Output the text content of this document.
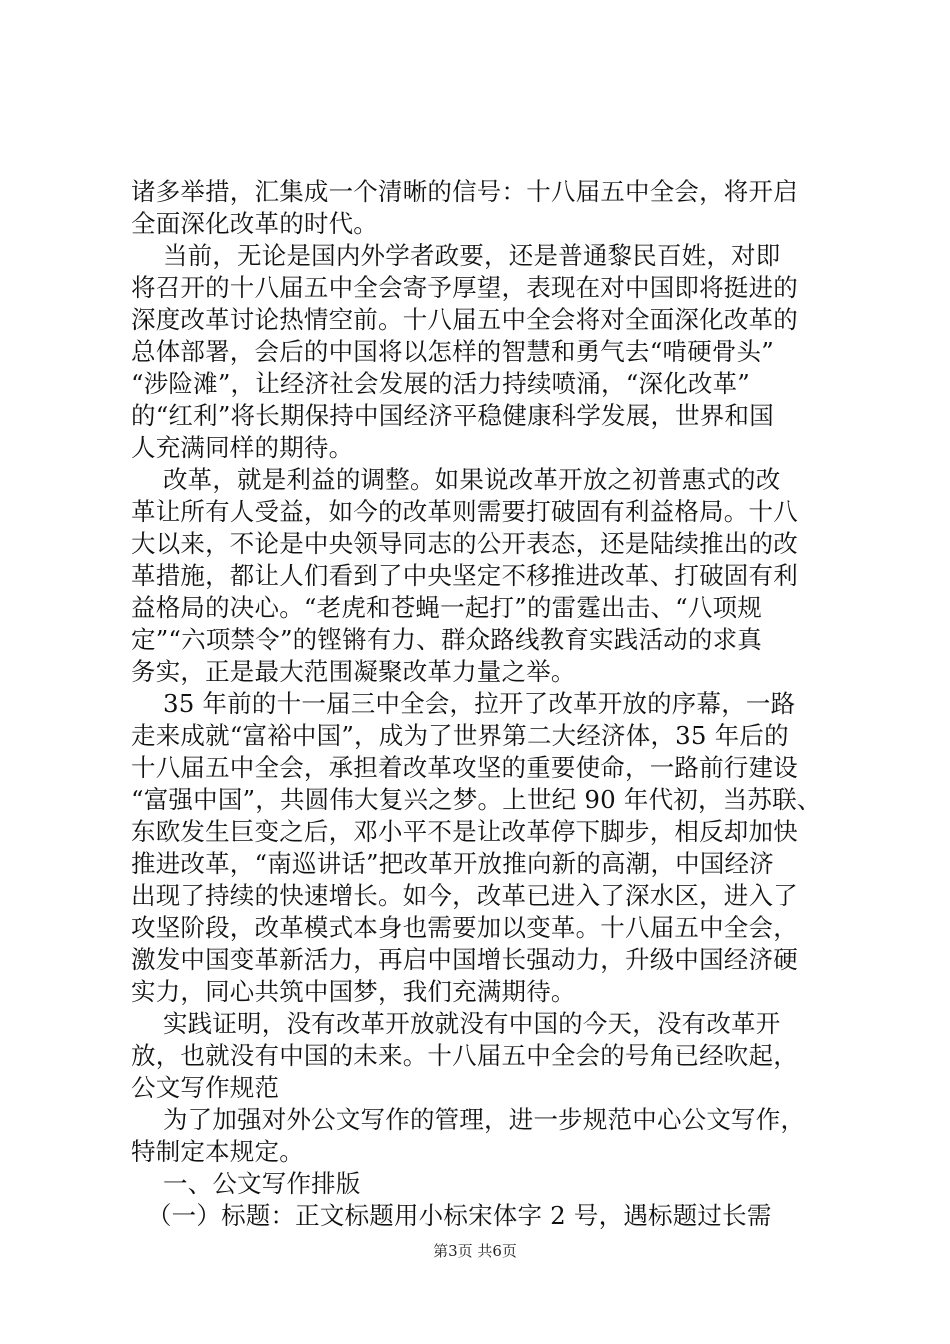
诸多举措，汇集成一个清晰的信号：十八届五中全会，将开启
全面深化改革的时代。
当前，无论是国内外学者政要，还是普通黎民百姓，对即
将召开的十八届五中全会寄予厚望，表现在对中国即将挺进的
深度改革讨论热情空前。十八届五中全会将对全面深化改革的
总体部署，会后的中国将以怎样的智慧和勇气去“啃硬骨头”
“涉险滩”，让经济社会发展的活力持续喷涌，“深化改革”
的“红利”将长期保持中国经济平稳健康科学发展，世界和国
人充满同样的期待。
改革，就是利益的调整。如果说改革开放之初普惠式的改
革让所有人受益，如今的改革则需要打破固有利益格局。十八
大以来，不论是中央领导同志的公开表态，还是陆续推出的改
革措施，都让人们看到了中央坚定不移推进改革、打破固有利
益格局的决心。“老虎和苍蝇一起打”的雷霆出击、“八项规
定”“六项禁令”的铿锵有力、群众路线教育实践活动的求真
务实，正是最大范围凝聚改革力量之举。
35 年前的十一届三中全会，拉开了改革开放的序幕，一路
走来成就“富裕中国”，成为了世界第二大经济体，35 年后的
十八届五中全会，承担着改革攻坚的重要使命，一路前行建设
“富强中国”，共圆伟大复兴之梦。上世纪 90 年代初，当苏联、
东欧发生巨变之后，邓小平不是让改革停下脚步，相反却加快
推进改革，“南巡讲话”把改革开放推向新的高潮，中国经济
出现了持续的快速增长。如今，改革已进入了深水区，进入了
攻坚阶段，改革模式本身也需要加以变革。十八届五中全会，
激发中国变革新活力，再启中国增长强动力，升级中国经济硬
实力，同心共筑中国梦，我们充满期待。
实践证明，没有改革开放就没有中国的今天，没有改革开
放，也就没有中国的未来。十八届五中全会的号角已经吹起，
公文写作规范
为了加强对外公文写作的管理，进一步规范中心公文写作，
特制定本规定。
一、公文写作排版
（一）标题：正文标题用小标宋体字 2 号，遇标题过长需
第3页 共6页
